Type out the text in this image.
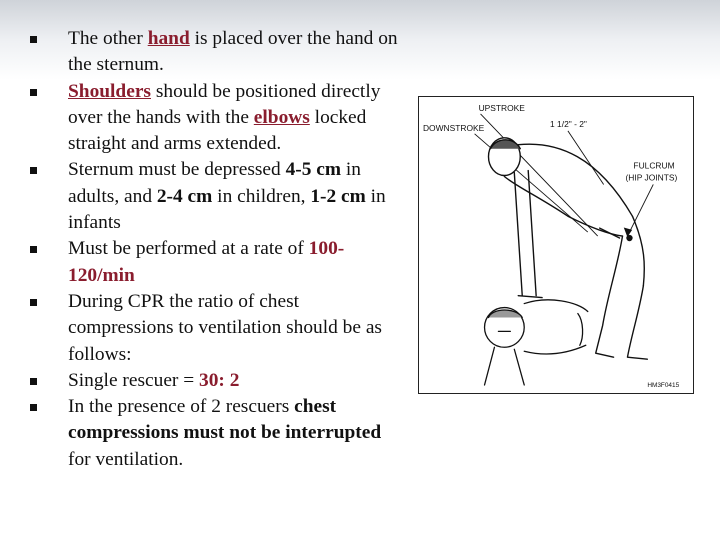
The other hand is placed over the hand on the sternum.
Shoulders should be positioned directly over the hands with the elbows locked straight and arms extended.
Sternum must be depressed 4-5 cm in adults, and 2-4 cm in children, 1-2 cm in infants
Must be performed at a rate of 100-120/min
During CPR the ratio of chest compressions to ventilation should be as follows:
Single rescuer = 30: 2
In the presence of 2 rescuers chest compressions must not be interrupted for ventilation.
UPSTROKE
DOWNSTROKE	1 1/2" - 2"
FULCRUM
(HIP JOINTS)
HM3F0415
